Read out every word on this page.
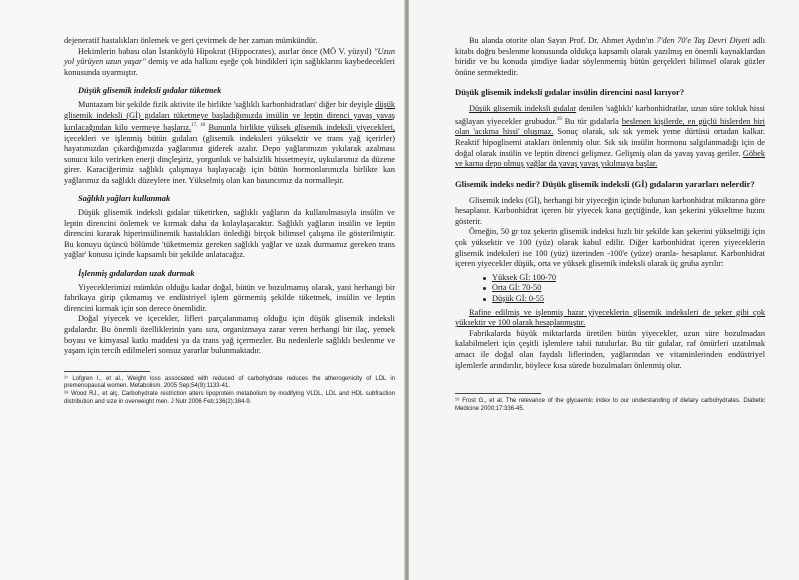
dejeneratif hastalıkları önlemek ve geri çevirmek de her zaman mümkündür.

Hekimlerin babası olan İstanköylü Hipokrat (Hippocrates), asırlar önce (MÖ V. yüzyıl) "Uzun yol yürüyen uzun yaşar" demiş ve ada halkını eşeğe çok bindikleri için sağlıklarını kaybedecekleri konusunda uyarmıştır.

Düşük glisemik indeksli gıdalar tüketmek

Muntazam bir şekilde fizik aktivite ile birlikte 'sağlıklı karbonhidratları' diğer bir deyişle düşük glisemik indeksli (Gİ) gıdaları tüketmeye başladığımızda insülin ve leptin direnci yavaş yavaş kırılacağından kilo vermeye başlarız.$^{17, 18}$ Bununla birlikte yüksek glisemik indeksli yiyecekleri, içecekleri ve işlenmiş bütün gıdaları (glisemik indeksleri yüksektir ve trans yağ içerirler) hayatımızdan çıkardığımızda yağlarımız giderek azalır. Depo yağlarımızın yıkılarak azalması sonucu kilo verirken enerji dinçleşiriz, yorgunluk ve halsizlik hissetmeyiz, uykularımız da düzene girer. Karaciğerimiz sağlıklı çalışmaya başlayacağı için bütün hormonlarımızla birlikte kan yağlarımız da sağlıklı düzeylere iner. Yükselmiş olan kan basıncımız da normalleşir.

Sağlıklı yağları kullanmak

Düşük glisemik indeksli gıdalar tüketirken, sağlıklı yağların da kullanılmasıyla insülin ve leptin direncini önlemek ve kırmak daha da kolaylaşacaktır. Sağlıklı yağların insülin ve leptin direncini kırarak hiperinsülinemik hastalıkları önlediği birçok bilimsel çalışma ile gösterilmiştir. Bu konuyu üçüncü bölümde 'tüketmemiz gereken sağlıklı yağlar ve uzak durmamız gereken trans yağlar' konusu içinde kapsamlı bir şekilde anlatacağız.

İşlenmiş gıdalardan uzak durmak

Yiyeceklerimizi mümkün olduğu kadar doğal, bütün ve bozulmamış olarak, yani herhangi bir fabrikaya girip çıkmamış ve endüstriyel işlem görmemiş şekilde tüketmek, insülin ve leptin direncini kırmak için son derece önemlidir.

Doğal yiyecek ve içecekler, lifleri parçalanmamış olduğu için düşük glisemik indeksli gıdalardır. Bu önemli özelliklerinin yanı sıra, organizmaya zarar veren herhangi bir ilaç, yemek boyası ve kimyasal katkı maddesi ya da trans yağ içermezler. Bu nedenlerle sağlıklı beslenme ve yaşam için tercih edilmeleri sonsuz yararlar bulunmaktadır.

¹⁷ Lofgren I., et al., Weight loss associated with reduced of carbohydrate reduces the atherogenicity of LDL in premenopausal women. Metabolism. 2005 Sep;54(9):1133-41.

¹⁸ Wood RJ., et alç, Carbohydrate restriction alters lipoprotein metabolism by modifying VLDL, LDL and HDL subfraction distribution and size in overweight men. J Nutr 2006 Feb;136(2):384-9.

Bu alanda otorite olan Sayın Prof. Dr. Ahmet Aydın'ın 7'den 70'e Taş Devri Diyeti adlı kitabı doğru beslenme konusunda oldukça kapsamlı olarak yazılmış en önemli kaynaklardan biridir ve bu konuda şimdiye kadar söylenmemiş bütün gerçekleri bilimsel olarak gözler önüne sermektedir.

Düşük glisemik indeksli gıdalar insülin direncini nasıl kırıyor?

Düşük glisemik indeksli gıdalar denilen 'sağlıklı' karbonhidratlar, uzun süre tokluk hissi sağlayan yiyecekler grubudur.$^{19}$ Bu tür gıdalarla beslenen kişilerde, en güçlü hislerden biri olan 'acıkma hissi' oluşmaz. Sonuç olarak, sık sık yemek yeme dürtüsü ortadan kalkar. Reaktif hipoglisemi atakları önlenmiş olur. Sık sık insülin hormonu salgılanmadığı için de doğal olarak insülin ve leptin direnci gelişmez. Gelişmiş olan da yavaş yavaş geriler. Göbek ve karna depo olmuş yağlar da yavaş yavaş yıkılmaya başlar.

Glisemik indeks nedir? Düşük glisemik indeksli (Gİ) gıdaların yararları nelerdir?

Glisemik indeks (Gİ), herhangi bir yiyeceğin içinde bulunan karbonhidrat miktarına göre hesaplanır. Karbonhidrat içeren bir yiyecek kana geçtiğinde, kan şekerini yükseltme hızını gösterir.

Örneğin, 50 gr toz şekerin glisemik indeksi hızlı bir şekilde kan şekerini yükselttiği için çok yüksektir ve 100 (yüz) olarak kabul edilir. Diğer karbonhidrat içeren yiyeceklerin glisemik indeksleri ise 100 (yüz) üzerinden -100'e (yüze) oranla- hesaplanır. Karbonhidrat içeren yiyecekler düşük, orta ve yüksek glisemik indeksli olarak üç gruba ayrılır:

Yüksek Gİ: 100-70
Orta Gİ: 70-50
Düşük Gİ: 0-55

Rafine edilmiş ve işlenmiş hazır yiyeceklerin glisemik indeksleri de şeker gibi çok yüksektir ve 100 olarak hesaplanmıştır.

Fabrikalarda büyük miktarlarda üretilen bütün yiyecekler, uzun süre bozulmadan kalabilmeleri için çeşitli işlemlere tabii tutulurlar. Bu tür gıdalar, raf ömürleri uzatılmak amacı ile doğal olan faydalı liflerinden, yağlarından ve vitaminlerinden endüstriyel işlemlerle arındırılır, böylece kısa sürede bozulmaları önlenmiş olur.

¹⁹ Frost G., et al. The relevance of the glycaemic index to our understanding of dietary carbohydrates. Diabetic Medicine 2000;17:336-45.
